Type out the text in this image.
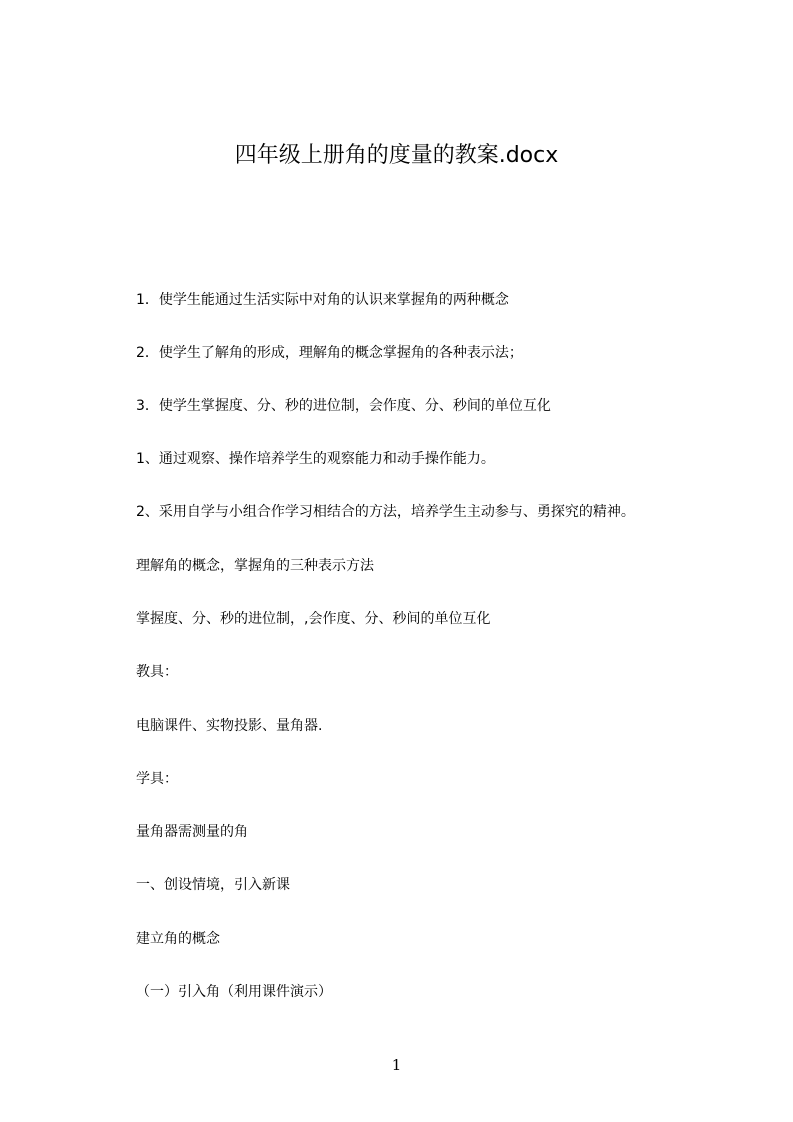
四年级上册角的度量的教案.docx
1．使学生能通过生活实际中对角的认识来掌握角的两种概念
2．使学生了解角的形成，理解角的概念掌握角的各种表示法；
3．使学生掌握度、分、秒的进位制，会作度、分、秒间的单位互化
1、通过观察、操作培养学生的观察能力和动手操作能力。
2、采用自学与小组合作学习相结合的方法，培养学生主动参与、勇探究的精神。
理解角的概念，掌握角的三种表示方法
掌握度、分、秒的进位制，,会作度、分、秒间的单位互化
教具：
电脑课件、实物投影、量角器.
学具：
量角器需测量的角
一、创设情境，引入新课
建立角的概念
（一）引入角（利用课件演示）
1
